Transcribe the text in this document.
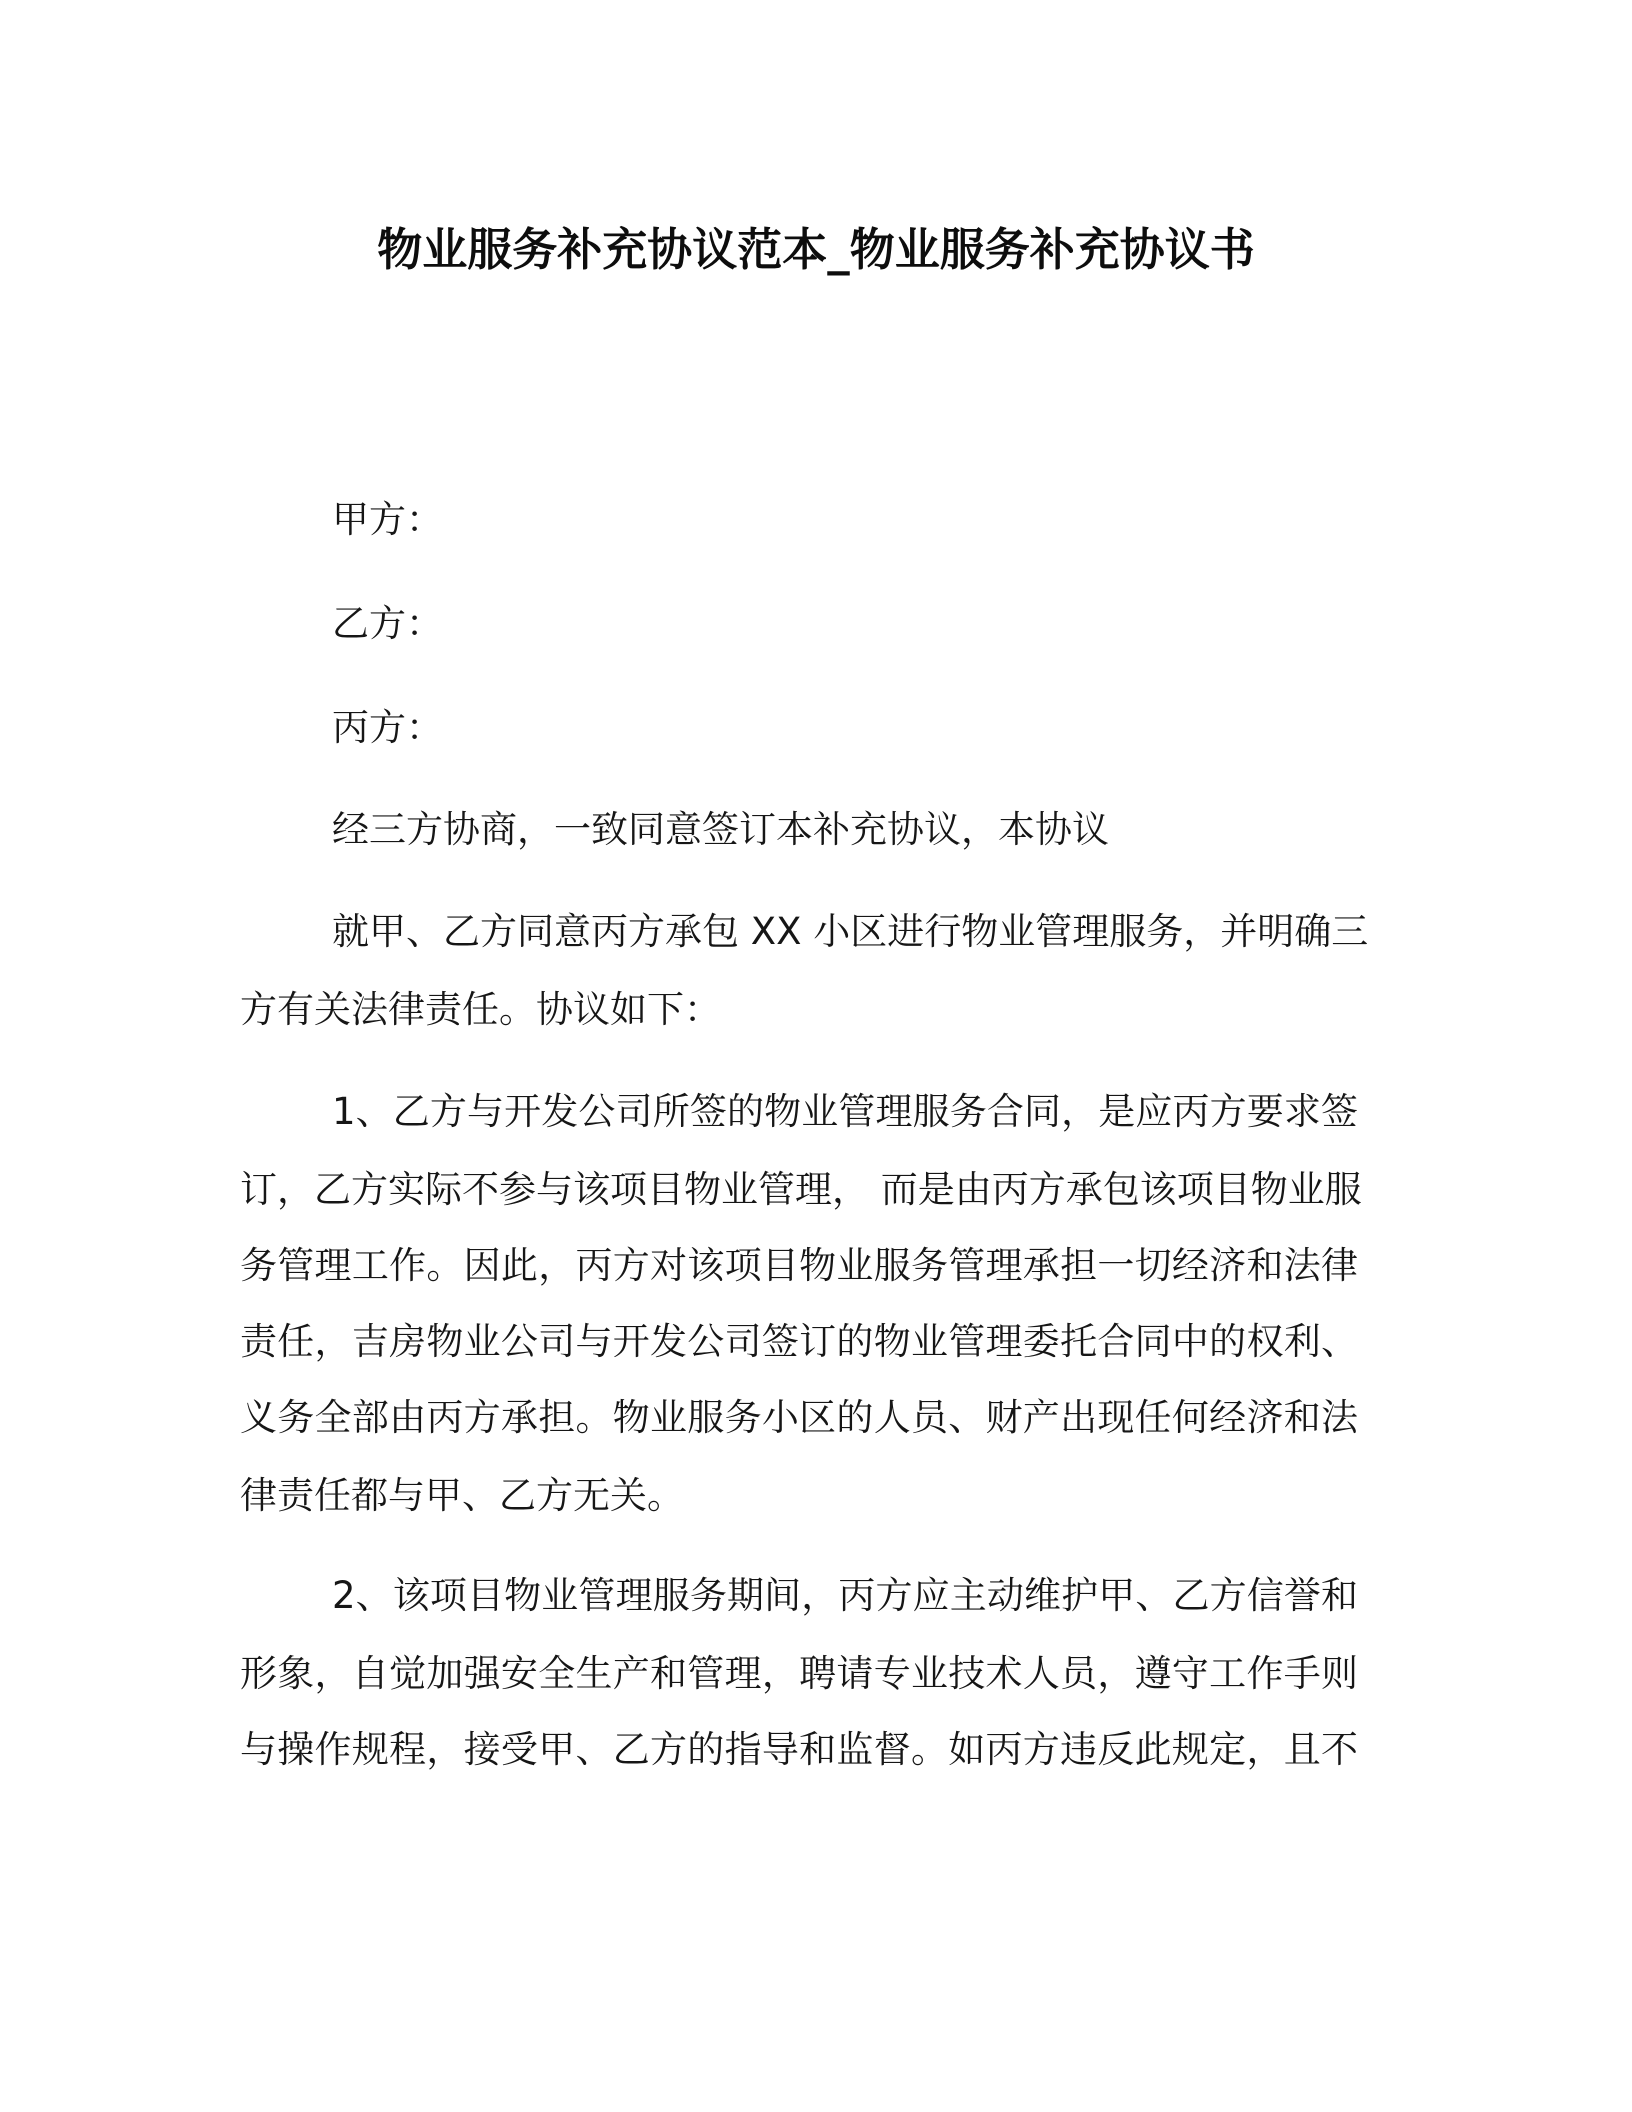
物业服务补充协议范本_物业服务补充协议书
甲方：
乙方：
丙方：
经三方协商，一致同意签订本补充协议，本协议
就甲、乙方同意丙方承包 XX 小区进行物业管理服务，并明确三
方有关法律责任。协议如下：
1、乙方与开发公司所签的物业管理服务合同，是应丙方要求签
订，乙方实际不参与该项目物业管理， 而是由丙方承包该项目物业服
务管理工作。因此，丙方对该项目物业服务管理承担一切经济和法律
责任，吉房物业公司与开发公司签订的物业管理委托合同中的权利、
义务全部由丙方承担。物业服务小区的人员、财产出现任何经济和法
律责任都与甲、乙方无关。
2、该项目物业管理服务期间，丙方应主动维护甲、乙方信誉和
形象，自觉加强安全生产和管理，聘请专业技术人员，遵守工作手则
与操作规程，接受甲、乙方的指导和监督。如丙方违反此规定，且不
